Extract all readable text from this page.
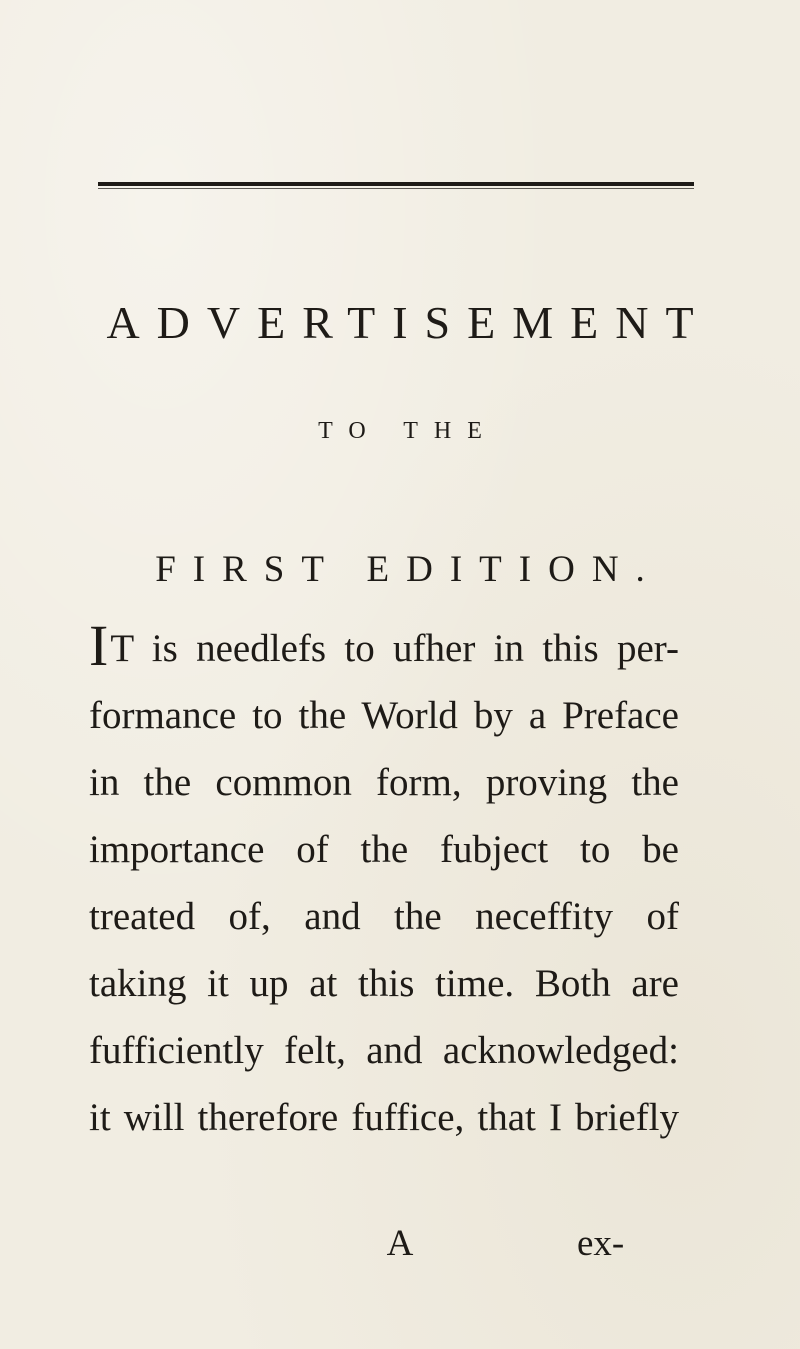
ADVERTISEMENT
TO THE
FIRST EDITION.
IT is needlefs to ufher in this per-
formance to the World by a Preface
in the common form, proving the
importance of the fubject to be
treated of, and the neceffity of
taking it up at this time. Both are
fufficiently felt, and acknowledged:
it will therefore fuffice, that I briefly
A	ex-
